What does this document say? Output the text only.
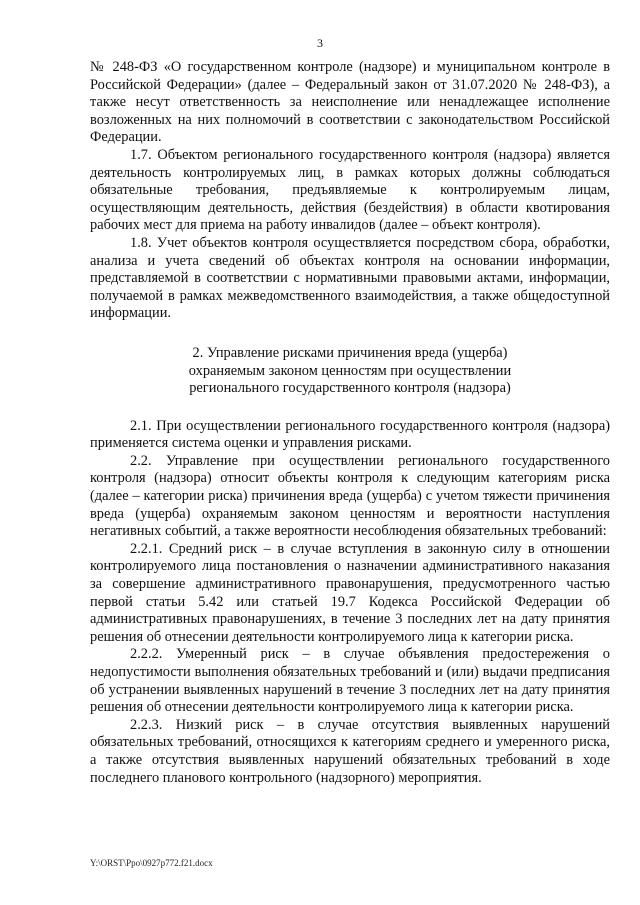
3

№ 248-ФЗ «О государственном контроле (надзоре) и муниципальном контроле в Российской Федерации» (далее – Федеральный закон от 31.07.2020 № 248-ФЗ), а также несут ответственность за неисполнение или ненадлежащее исполнение возложенных на них полномочий в соответствии с законодательством Российской Федерации.

1.7. Объектом регионального государственного контроля (надзора) является деятельность контролируемых лиц, в рамках которых должны соблюдаться обязательные требования, предъявляемые к контролируемым лицам, осуществляющим деятельность, действия (бездействия) в области квотирования рабочих мест для приема на работу инвалидов (далее – объект контроля).

1.8. Учет объектов контроля осуществляется посредством сбора, обработки, анализа и учета сведений об объектах контроля на основании информации, представляемой в соответствии с нормативными правовыми актами, информации, получаемой в рамках межведомственного взаимодействия, а также общедоступной информации.

2. Управление рисками причинения вреда (ущерба)
охраняемым законом ценностям при осуществлении
регионального государственного контроля (надзора)

2.1. При осуществлении регионального государственного контроля (надзора) применяется система оценки и управления рисками.

2.2. Управление при осуществлении регионального государственного контроля (надзора) относит объекты контроля к следующим категориям риска (далее – категории риска) причинения вреда (ущерба) с учетом тяжести причинения вреда (ущерба) охраняемым законом ценностям и вероятности наступления негативных событий, а также вероятности несоблюдения обязательных требований:

2.2.1. Средний риск – в случае вступления в законную силу в отношении контролируемого лица постановления о назначении административного наказания за совершение административного правонарушения, предусмотренного частью первой статьи 5.42 или статьей 19.7 Кодекса Российской Федерации об административных правонарушениях, в течение 3 последних лет на дату принятия решения об отнесении деятельности контролируемого лица к категории риска.

2.2.2. Умеренный риск – в случае объявления предостережения о недопустимости выполнения обязательных требований и (или) выдачи предписания об устранении выявленных нарушений в течение 3 последних лет на дату принятия решения об отнесении деятельности контролируемого лица к категории риска.

2.2.3. Низкий риск – в случае отсутствия выявленных нарушений обязательных требований, относящихся к категориям среднего и умеренного риска, а также отсутствия выявленных нарушений обязательных требований в ходе последнего планового контрольного (надзорного) мероприятия.

Y:\ORST\Ppo\0927p772.f21.docx
